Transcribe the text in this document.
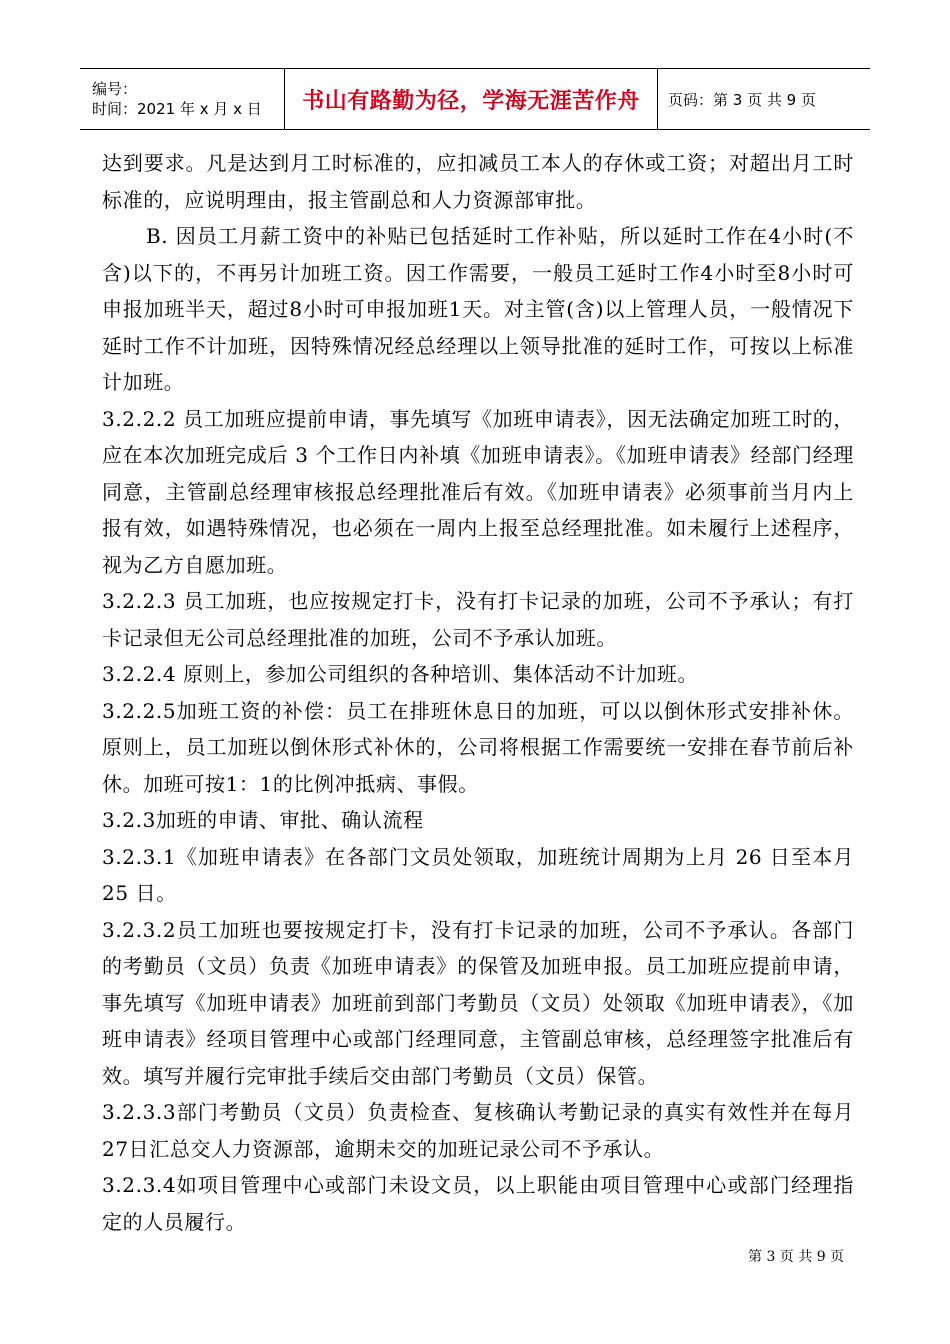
编号：
时间：2021 年 x 月 x 日	书山有路勤为径，学海无涯苦作舟 页码：第 3 页 共 9 页

达到要求。凡是达到月工时标准的，应扣减员工本人的存休或工资；对超出月工时标准的，应说明理由，报主管副总和人力资源部审批。

B. 因员工月薪工资中的补贴已包括延时工作补贴，所以延时工作在4小时(不含)以下的，不再另计加班工资。因工作需要，一般员工延时工作4小时至8小时可申报加班半天，超过8小时可申报加班1天。对主管(含)以上管理人员，一般情况下延时工作不计加班，因特殊情况经总经理以上领导批准的延时工作，可按以上标准计加班。

3.2.2.2 员工加班应提前申请，事先填写《加班申请表》，因无法确定加班工时的，应在本次加班完成后 3 个工作日内补填《加班申请表》。《加班申请表》经部门经理同意，主管副总经理审核报总经理批准后有效。《加班申请表》必须事前当月内上报有效，如遇特殊情况，也必须在一周内上报至总经理批准。如未履行上述程序，视为乙方自愿加班。

3.2.2.3 员工加班，也应按规定打卡，没有打卡记录的加班，公司不予承认；有打卡记录但无公司总经理批准的加班，公司不予承认加班。

3.2.2.4 原则上，参加公司组织的各种培训、集体活动不计加班。

3.2.2.5加班工资的补偿：员工在排班休息日的加班，可以以倒休形式安排补休。原则上，员工加班以倒休形式补休的，公司将根据工作需要统一安排在春节前后补休。加班可按1：1的比例冲抵病、事假。

3.2.3加班的申请、审批、确认流程

3.2.3.1《加班申请表》在各部门文员处领取，加班统计周期为上月 26 日至本月 25 日。

3.2.3.2员工加班也要按规定打卡，没有打卡记录的加班，公司不予承认。各部门的考勤员（文员）负责《加班申请表》的保管及加班申报。员工加班应提前申请，事先填写《加班申请表》加班前到部门考勤员（文员）处领取《加班申请表》，《加班申请表》经项目管理中心或部门经理同意，主管副总审核，总经理签字批准后有效。填写并履行完审批手续后交由部门考勤员（文员）保管。

3.2.3.3部门考勤员（文员）负责检查、复核确认考勤记录的真实有效性并在每月27日汇总交人力资源部，逾期未交的加班记录公司不予承认。

3.2.3.4如项目管理中心或部门未设文员，以上职能由项目管理中心或部门经理指定的人员履行。

第 3 页 共 9 页
